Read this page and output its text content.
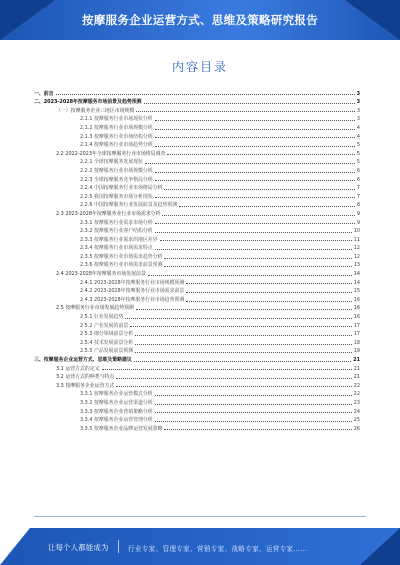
按摩服务企业运营方式、思维及策略研究报告
内容目录
一、前言	3
二、2023-2028年按摩服务市场前景及趋势预测	3
（一）按摩服务企业三地区市场规模	3
2.1.1 按摩服务行业市场现状分析	3
2.1.2 按摩服务行业市场规模分析	4
2.1.3 按摩服务行业市场结构分析	4
2.1.4 按摩服务行业市场趋势分析	5
2.2 2022-2023年全球按摩服务行业市场格局调查	5
2.2.1 全球按摩服务发展现状	5
2.2.2 按摩服务行业市场规模分析	6
2.2.3 全球按摩服务竞争格局分析	6
2.2.4 中国按摩服务行业市场格局分析	7
2.2.5 我国按摩服务市场分析现状	7
2.2.6 中国按摩服务行业发展前景及趋势预测	8
2.3 2023-2028年按摩服务业行业市场需求分析	9
2.3.1 按摩服务行业需求市场分析	9
2.3.2 按摩服务行业客户结构分析	10
2.3.3 按摩服务行业需求的地区差异	11
2.3.4 按摩服务行业市场需求特点	12
2.3.5 按摩服务行业市场需求趋势分析	12
2.3.6 按摩服务行业市场需求前景预测	13
2.4 2023-2028年按摩服务市场发展前景	14
2.4.1 2023-2028年按摩服务行业市场规模预测	14
2.4.2 2023-2028年按摩服务行业市场需求前景	15
2.4.3 2023-2028年按摩服务行业市场趋势预测	16
2.5 按摩服务行业市场发展趋势预测	16
2.5.1 行业发展趋势	16
2.5.2 产业发展的前景	17
2.5.3 细分领域前景分析	17
2.5.4 技术发展前景分析	18
2.5.5 产品发展前景预测	19
三、按摩服务企业运营方式、思维及策略建议	21
3.1 运营方式的定义	21
3.2 运营方式的种类与特点	21
3.3 按摩服务企业运营方式	22
3.3.1 按摩服务企业运营模式分析	22
3.3.2 按摩服务企业运营渠道分析	23
3.3.3 按摩服务企业营销策略分析	24
3.3.4 按摩服务企业运营管理分析	25
3.3.5 按摩服务企业品牌运营发展策略	26
让每个人都能成为	行业专家、管理专家、营销专家、战略专家、运营专家……
